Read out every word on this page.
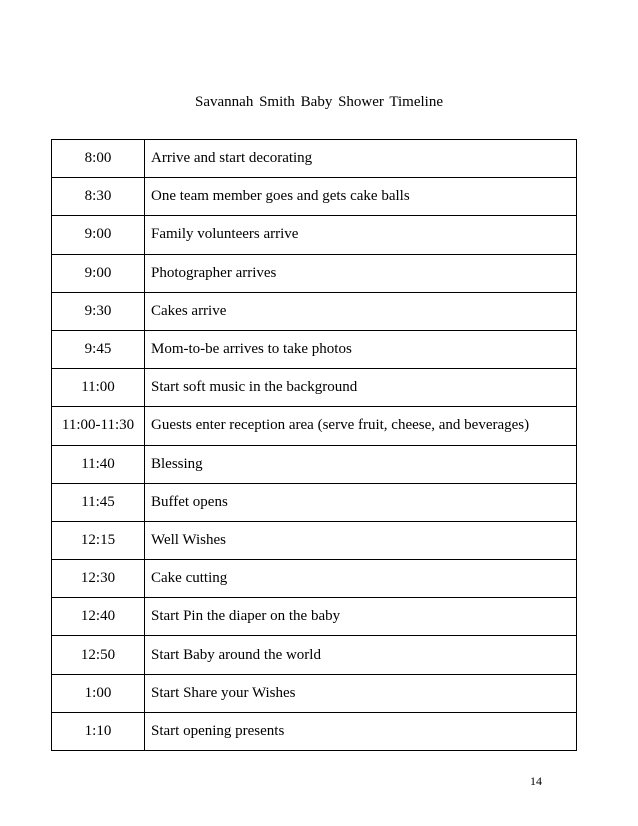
Savannah Smith Baby Shower Timeline
8:00	Arrive and start decorating
8:30	One team member goes and gets cake balls
9:00	Family volunteers arrive
9:00	Photographer arrives
9:30	Cakes arrive
9:45	Mom-to-be arrives to take photos
11:00	Start soft music in the background
11:00-11:30	Guests enter reception area (serve fruit, cheese, and beverages)
11:40	Blessing
11:45	Buffet opens
12:15	Well Wishes
12:30	Cake cutting
12:40	Start Pin the diaper on the baby
12:50	Start Baby around the world
1:00	Start Share your Wishes
1:10	Start opening presents
14
